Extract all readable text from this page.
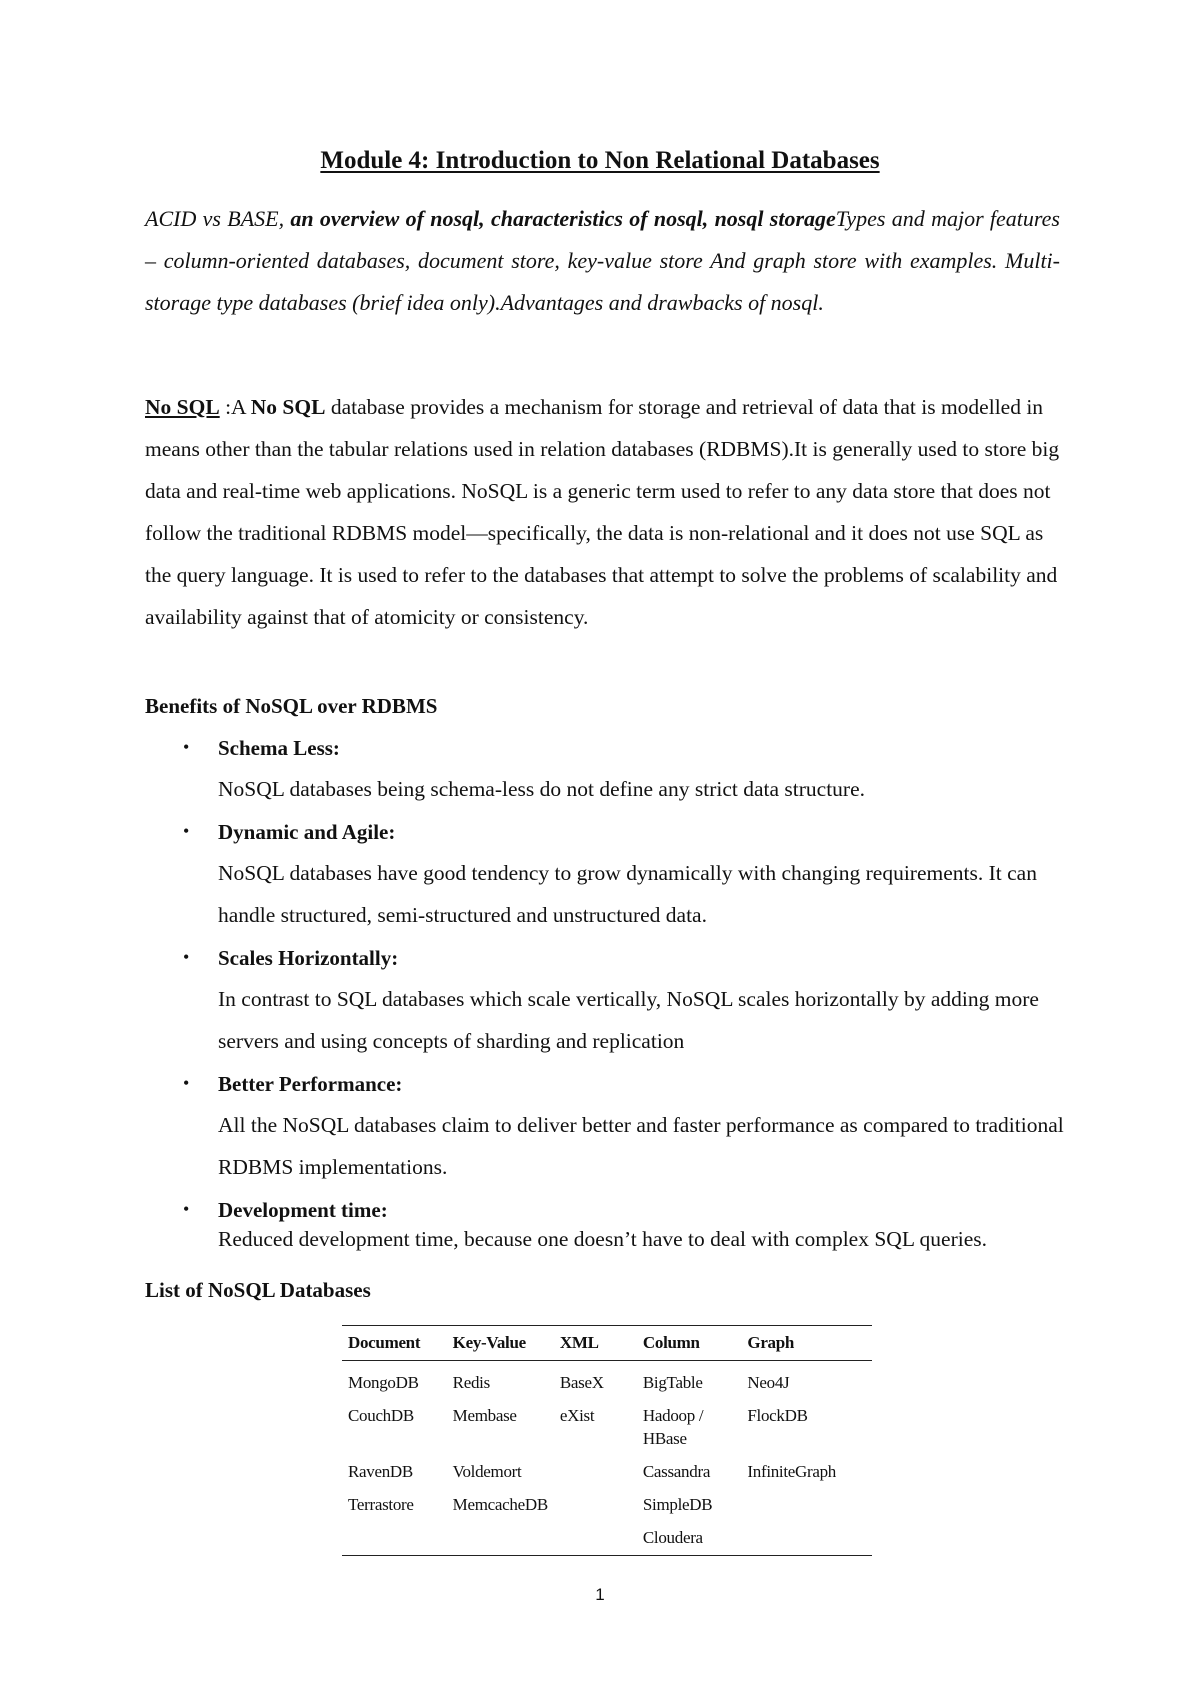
Module 4: Introduction to Non Relational Databases

ACID vs BASE, an overview of nosql, characteristics of nosql, nosql storageTypes and major features – column-oriented databases, document store, key-value store And graph store with examples. Multi-storage type databases (brief idea only).Advantages and drawbacks of nosql.

No SQL :A No SQL database provides a mechanism for storage and retrieval of data that is modelled in means other than the tabular relations used in relation databases (RDBMS).It is generally used to store big data and real-time web applications. NoSQL is a generic term used to refer to any data store that does not follow the traditional RDBMS model—specifically, the data is non-relational and it does not use SQL as the query language. It is used to refer to the databases that attempt to solve the problems of scalability and availability against that of atomicity or consistency.

Benefits of NoSQL over RDBMS
• Schema Less:
NoSQL databases being schema-less do not define any strict data structure.
• Dynamic and Agile:
NoSQL databases have good tendency to grow dynamically with changing requirements. It can handle structured, semi-structured and unstructured data.
• Scales Horizontally:
In contrast to SQL databases which scale vertically, NoSQL scales horizontally by adding more servers and using concepts of sharding and replication
• Better Performance:
All the NoSQL databases claim to deliver better and faster performance as compared to traditional RDBMS implementations.
• Development time:
Reduced development time, because one doesn’t have to deal with complex SQL queries.
List of NoSQL Databases
Document	Key-Value	XML	Column	Graph
MongoDB	Redis	BaseX	BigTable	Neo4J
CouchDB	Membase	eXist	Hadoop / HBase	FlockDB
RavenDB	Voldemort		Cassandra	InfiniteGraph
Terrastore	MemcacheDB		SimpleDB	
			Cloudera	
1
